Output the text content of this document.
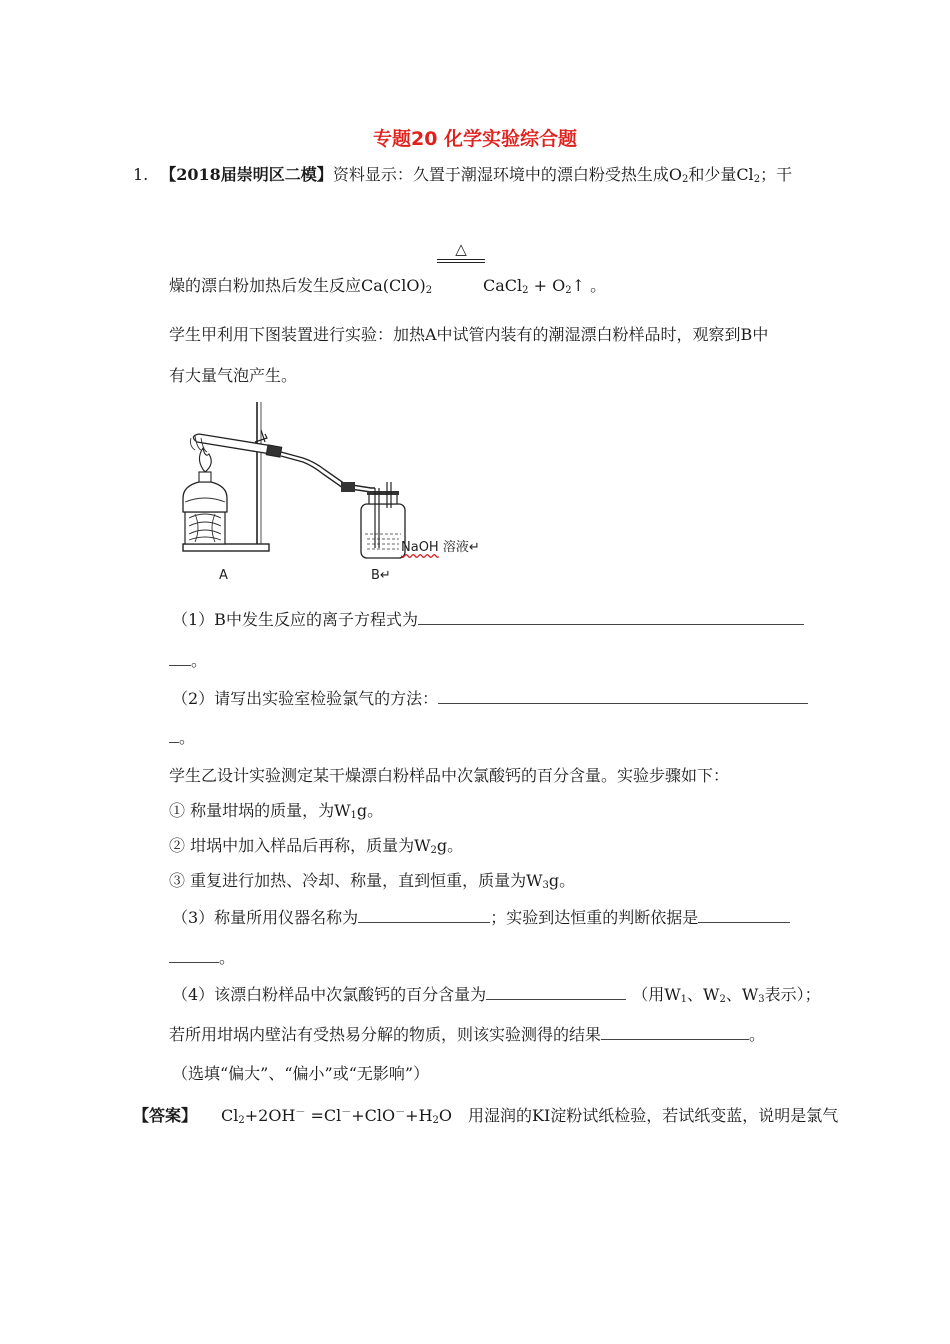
专题20 化学实验综合题
1. 【2018届崇明区二模】资料显示：久置于潮湿环境中的漂白粉受热生成$O_2$和少量$Cl_2$；干
△
燥的漂白粉加热后发生反应$Ca(ClO)_2$	CaCl$_2$ + $O_2↑$ 。
学生甲利用下图装置进行实验：加热A中试管内装有的潮湿漂白粉样品时，观察到B中
有大量气泡产生。
A	B↵
NaOH 溶液↵
（1）B中发生反应的离子方程式为
。
（2）请写出实验室检验氯气的方法：
。
学生乙设计实验测定某干燥漂白粉样品中次氯酸钙的百分含量。实验步骤如下：
① 称量坩埚的质量，为$W_1g$。
② 坩埚中加入样品后再称，质量为$W_2g$。
③ 重复进行加热、冷却、称量，直到恒重，质量为$W_3g$。
（3）称量所用仪器名称为	；实验到达恒重的判断依据是
。
（4）该漂白粉样品中次氯酸钙的百分含量为	（用$W_1$、$W_2$、$W_3$表示）；
若所用坩埚内壁沾有受热易分解的物质，则该实验测得的结果	。
（选填“偏大”、“偏小”或“无影响”）
【答案】 $Cl_2+2OH^- =Cl^-+ClO^-+H_2O$ 用湿润的KI淀粉试纸检验，若试纸变蓝，说明是氯气
